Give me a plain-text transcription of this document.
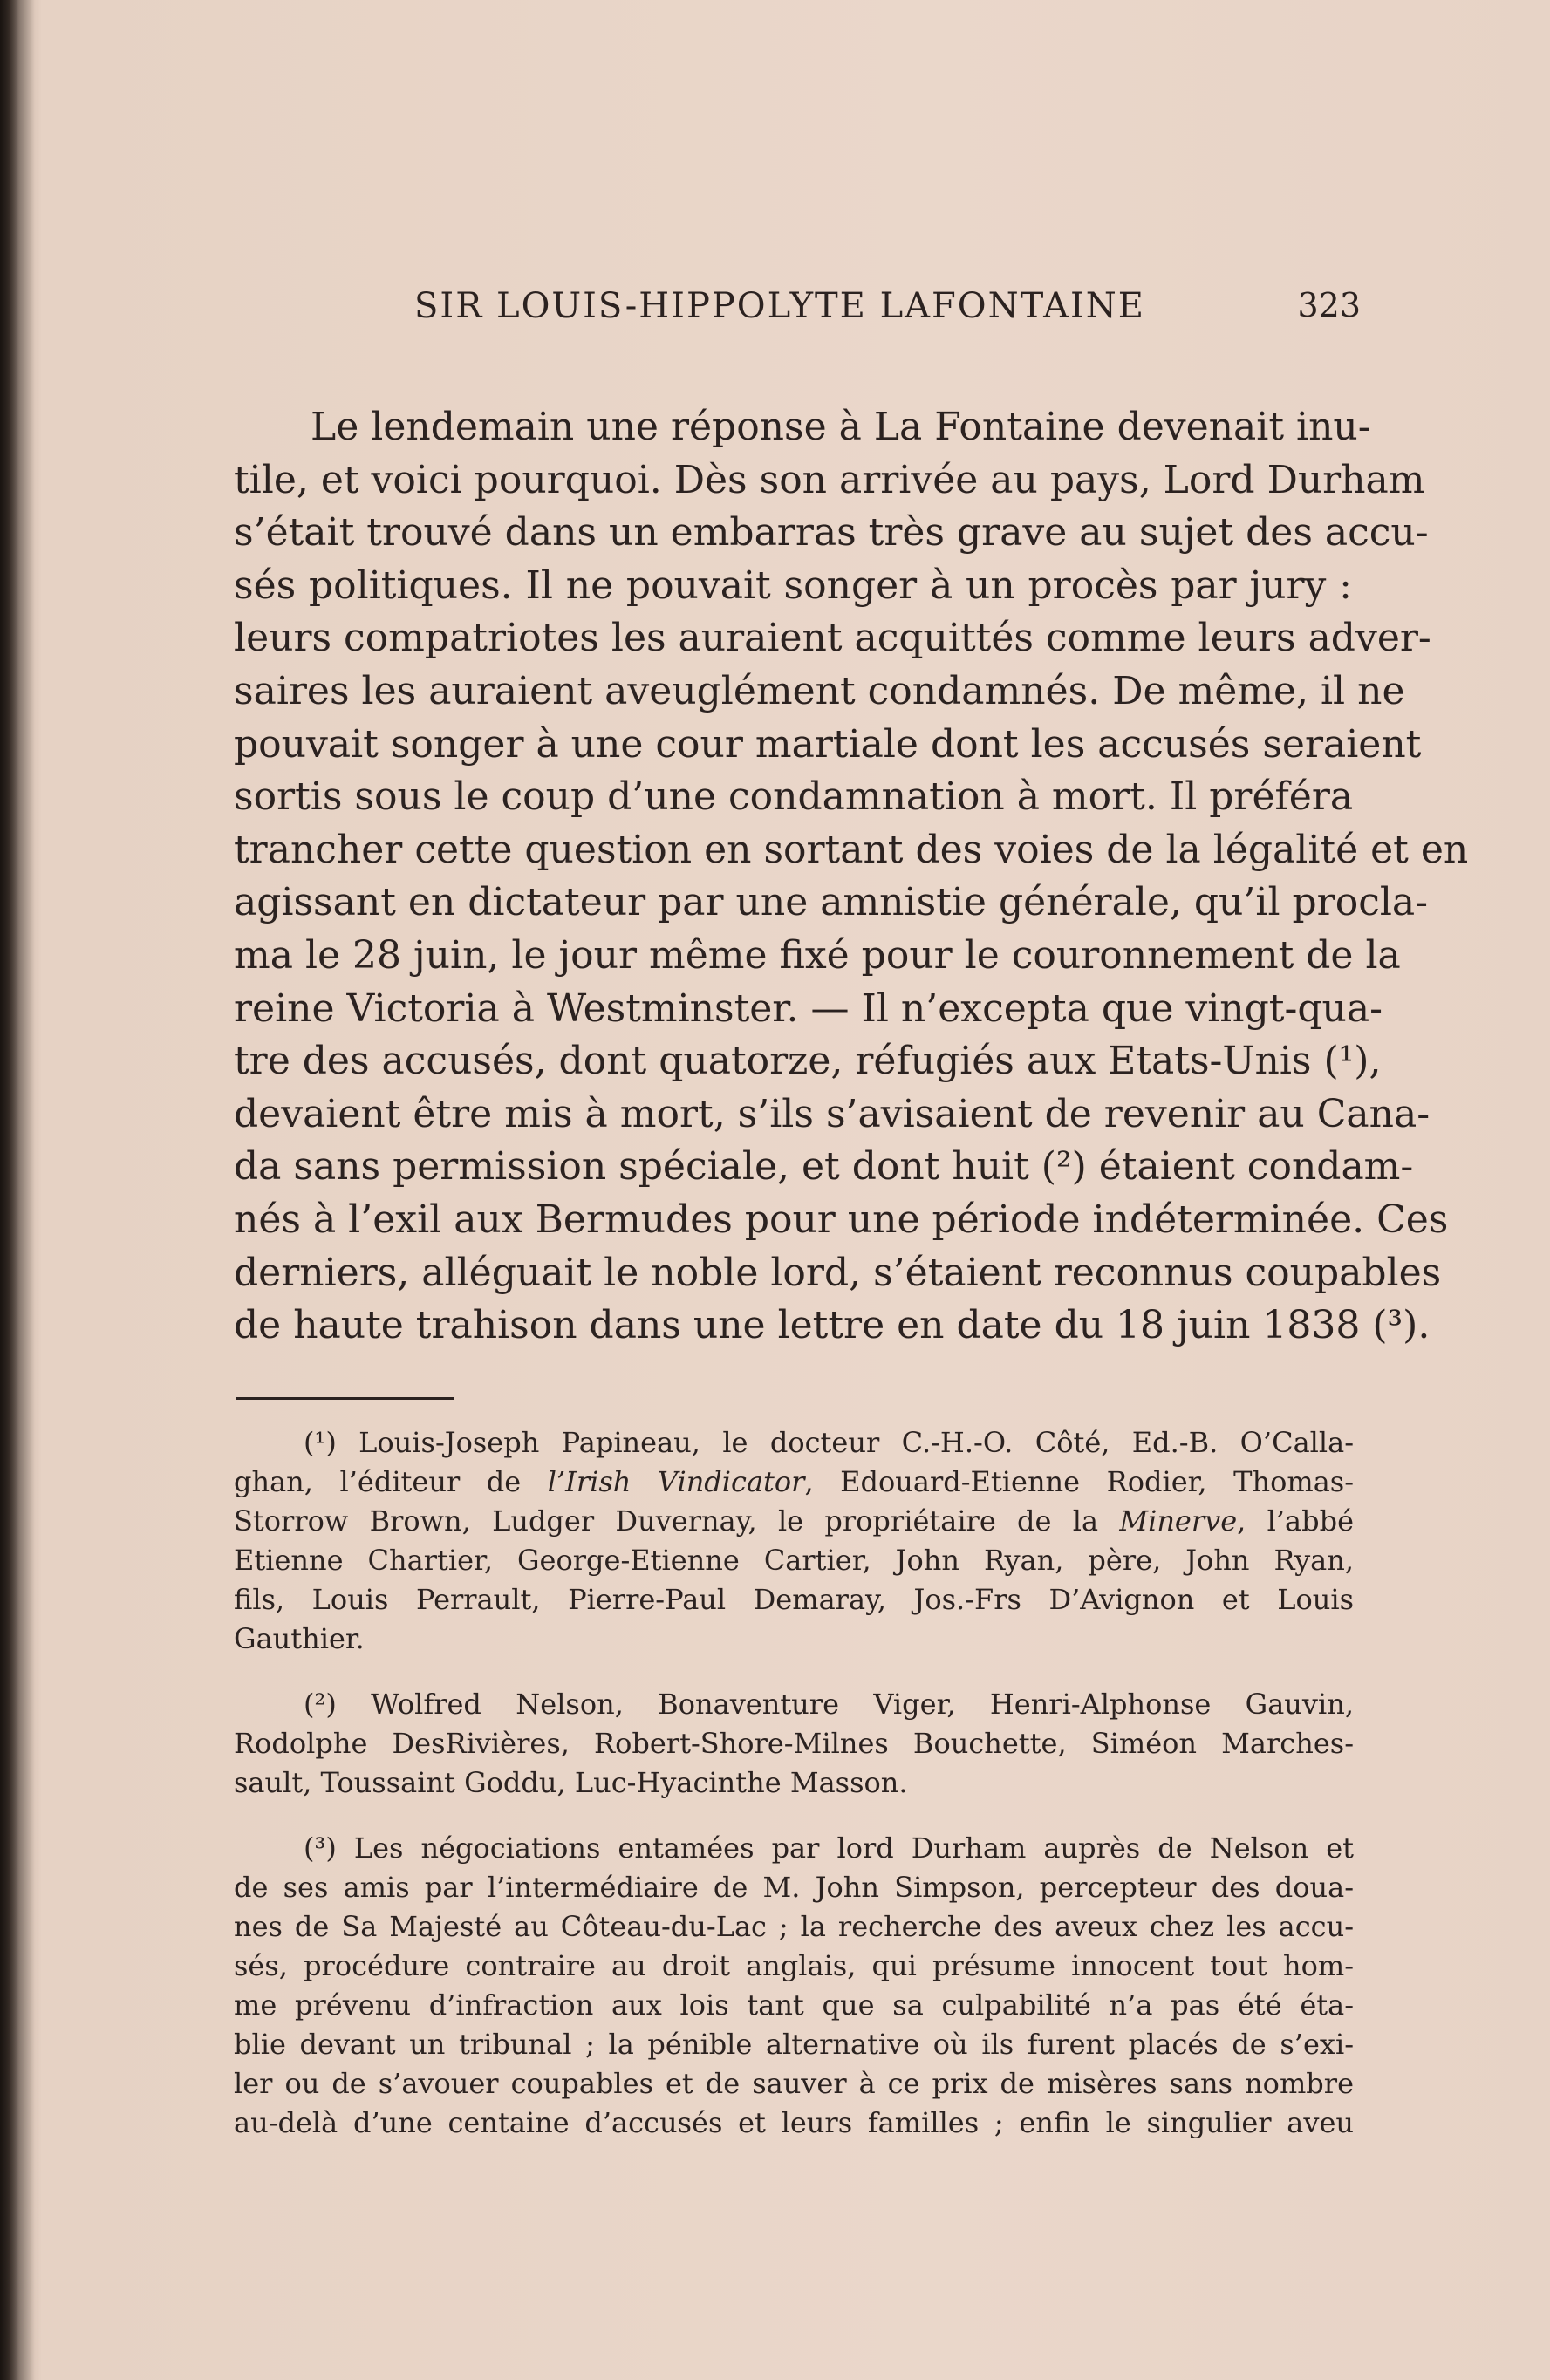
SIR LOUIS-HIPPOLYTE LAFONTAINE	323
Le lendemain une réponse à La Fontaine devenait inu-
tile, et voici pourquoi. Dès son arrivée au pays, Lord Durham
s’était trouvé dans un embarras très grave au sujet des accu-
sés politiques. Il ne pouvait songer à un procès par jury :
leurs compatriotes les auraient acquittés comme leurs adver-
saires les auraient aveuglément condamnés. De même, il ne
pouvait songer à une cour martiale dont les accusés seraient
sortis sous le coup d’une condamnation à mort. Il préféra
trancher cette question en sortant des voies de la légalité et en
agissant en dictateur par une amnistie générale, qu’il procla-
ma le 28 juin, le jour même fixé pour le couronnement de la
reine Victoria à Westminster. — Il n’excepta que vingt-qua-
tre des accusés, dont quatorze, réfugiés aux Etats-Unis (¹),
devaient être mis à mort, s’ils s’avisaient de revenir au Cana-
da sans permission spéciale, et dont huit (²) étaient condam-
nés à l’exil aux Bermudes pour une période indéterminée. Ces
derniers, alléguait le noble lord, s’étaient reconnus coupables
de haute trahison dans une lettre en date du 18 juin 1838 (³).
(¹) Louis-Joseph Papineau, le docteur C.-H.-O. Côté, Ed.-B. O’Calla-
ghan, l’éditeur de l’Irish Vindicator, Edouard-Etienne Rodier, Thomas-
Storrow Brown, Ludger Duvernay, le propriétaire de la Minerve, l’abbé
Etienne Chartier, George-Etienne Cartier, John Ryan, père, John Ryan,
fils, Louis Perrault, Pierre-Paul Demaray, Jos.-Frs D’Avignon et Louis
Gauthier.
(²) Wolfred Nelson, Bonaventure Viger, Henri-Alphonse Gauvin,
Rodolphe DesRivières, Robert-Shore-Milnes Bouchette, Siméon Marches-
sault, Toussaint Goddu, Luc-Hyacinthe Masson.
(³) Les négociations entamées par lord Durham auprès de Nelson et
de ses amis par l’intermédiaire de M. John Simpson, percepteur des doua-
nes de Sa Majesté au Côteau-du-Lac ; la recherche des aveux chez les accu-
sés, procédure contraire au droit anglais, qui présume innocent tout hom-
me prévenu d’infraction aux lois tant que sa culpabilité n’a pas été éta-
blie devant un tribunal ; la pénible alternative où ils furent placés de s’exi-
ler ou de s’avouer coupables et de sauver à ce prix de misères sans nombre
au-delà d’une centaine d’accusés et leurs familles ; enfin le singulier aveu
